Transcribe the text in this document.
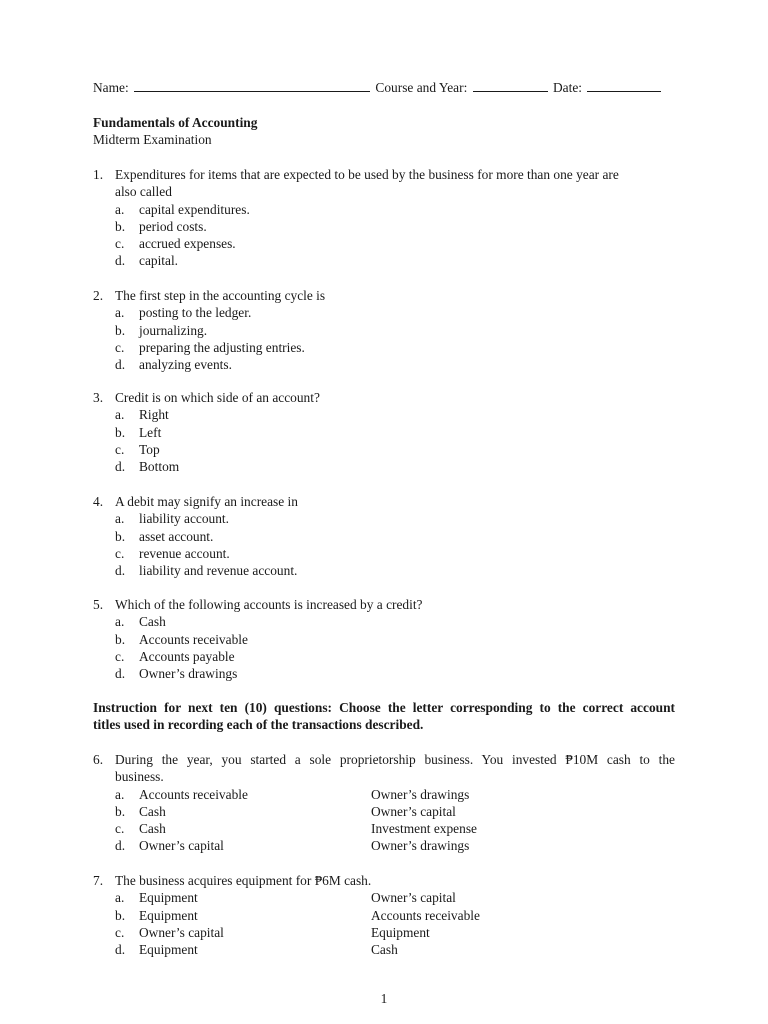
Name:	Course and Year:	Date:
Fundamentals of Accounting
Midterm Examination
1. Expenditures for items that are expected to be used by the business for more than one year are
also called
a. capital expenditures.
b. period costs.
c. accrued expenses.
d. capital.
2. The first step in the accounting cycle is
a. posting to the ledger.
b. journalizing.
c. preparing the adjusting entries.
d. analyzing events.
3. Credit is on which side of an account?
a. Right
b. Left
c. Top
d. Bottom
4. A debit may signify an increase in
a. liability account.
b. asset account.
c. revenue account.
d. liability and revenue account.
5. Which of the following accounts is increased by a credit?
a. Cash
b. Accounts receivable
c. Accounts payable
d. Owner’s drawings
Instruction for next ten (10) questions: Choose the letter corresponding to the correct account
titles used in recording each of the transactions described.
6. During the year, you started a sole proprietorship business. You invested ₱10M cash to the
business.
a. Accounts receivable	Owner’s drawings
b. Cash	Owner’s capital
c. Cash	Investment expense
d. Owner’s capital	Owner’s drawings
7. The business acquires equipment for ₱6M cash.
a. Equipment	Owner’s capital
b. Equipment	Accounts receivable
c. Owner’s capital	Equipment
d. Equipment	Cash
1
